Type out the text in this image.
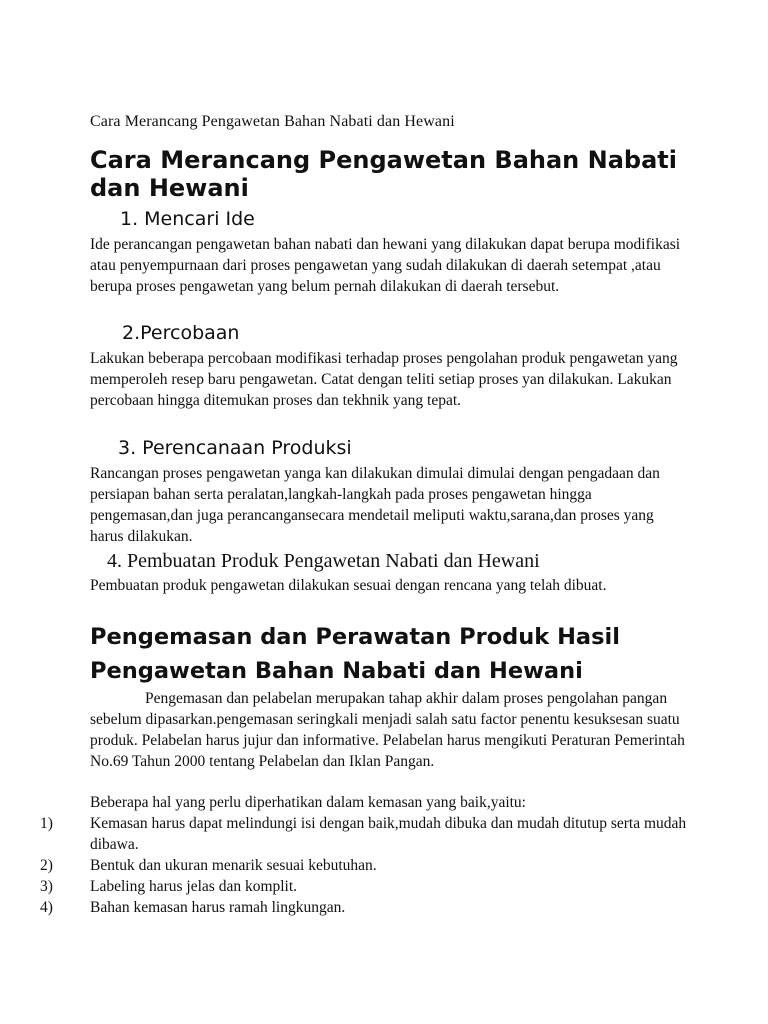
Cara Merancang Pengawetan Bahan Nabati dan Hewani
Cara Merancang Pengawetan Bahan Nabati dan Hewani
1. Mencari Ide

Ide perancangan pengawetan bahan nabati dan hewani yang dilakukan dapat berupa modifikasi atau penyempurnaan dari proses pengawetan yang sudah dilakukan di daerah setempat ,atau berupa proses pengawetan yang belum pernah dilakukan di daerah tersebut.

2.Percobaan

Lakukan beberapa percobaan modifikasi terhadap proses pengolahan produk pengawetan yang memperoleh resep baru pengawetan. Catat dengan teliti setiap proses yan dilakukan. Lakukan percobaan hingga ditemukan proses dan tekhnik yang tepat.

3. Perencanaan Produksi

Rancangan proses pengawetan yanga kan dilakukan dimulai dimulai dengan pengadaan dan persiapan bahan serta peralatan,langkah-langkah pada proses pengawetan hingga pengemasan,dan juga perancangansecara mendetail meliputi waktu,sarana,dan proses yang harus dilakukan.

4. Pembuatan Produk Pengawetan Nabati dan Hewani

Pembuatan produk pengawetan dilakukan sesuai dengan rencana yang telah dibuat.

Pengemasan dan Perawatan Produk Hasil Pengawetan Bahan Nabati dan Hewani

Pengemasan dan pelabelan merupakan tahap akhir dalam proses pengolahan pangan sebelum dipasarkan.pengemasan seringkali menjadi salah satu factor penentu kesuksesan suatu produk. Pelabelan harus jujur dan informative. Pelabelan harus mengikuti Peraturan Pemerintah No.69 Tahun 2000 tentang Pelabelan dan Iklan Pangan.

Beberapa hal yang perlu diperhatikan dalam kemasan yang baik,yaitu:

1) Kemasan harus dapat melindungi isi dengan baik,mudah dibuka dan mudah ditutup serta mudah dibawa.
2) Bentuk dan ukuran menarik sesuai kebutuhan.
3) Labeling harus jelas dan komplit.
4) Bahan kemasan harus ramah lingkungan.
